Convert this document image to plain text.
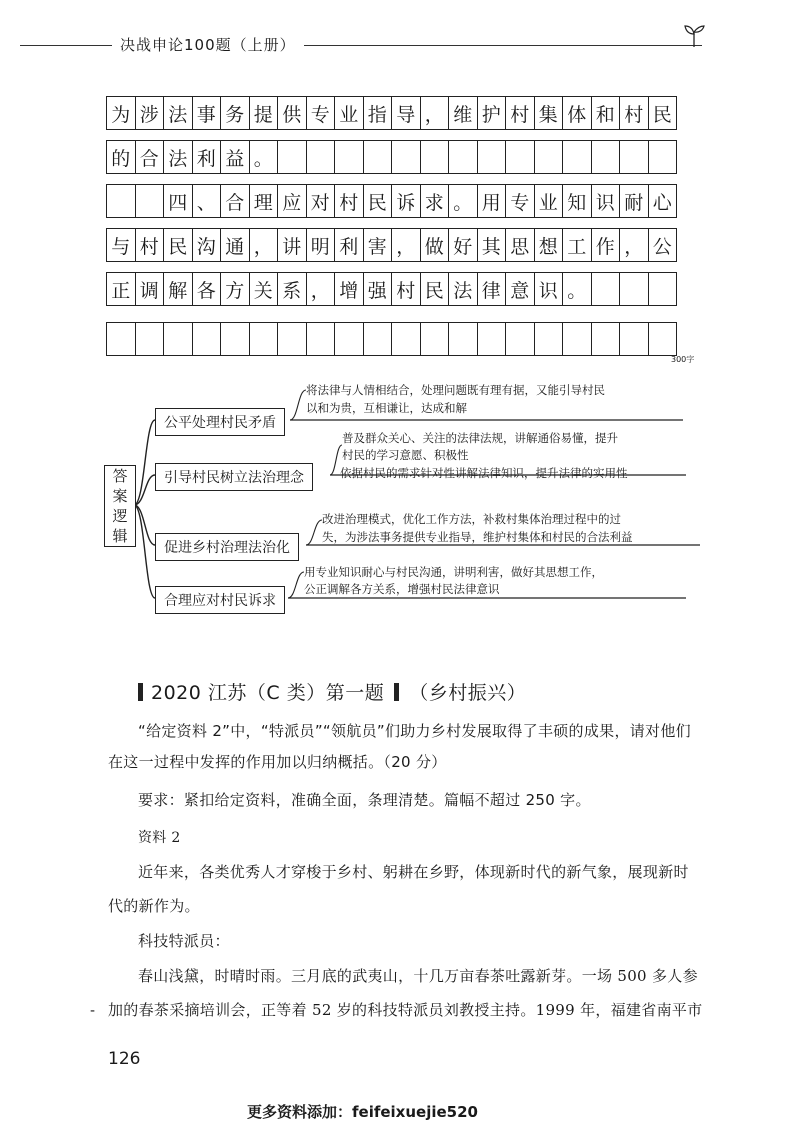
决战申论100题（上册）
为 涉 法 事 务 提 供 专 业 指 导 ， 维 护 村 集 体 和 村 民
的 合 法 利 益 。
四 、 合 理 应 对 村 民 诉 求 。 用 专 业 知 识 耐 心
与 村 民 沟 通 ， 讲 明 利 害 ， 做 好 其 思 想 工 作 ， 公
正 调 解 各 方 关 系 ， 增 强 村 民 法 律 意 识 。
300字
答案逻辑
公平处理村民矛盾
引导村民树立法治理念
促进乡村治理法治化
合理应对村民诉求
将法律与人情相结合，处理问题既有理有据，又能引导村民
以和为贵，互相谦让，达成和解
普及群众关心、关注的法律法规，讲解通俗易懂，提升
村民的学习意愿、积极性
依据村民的需求针对性讲解法律知识，提升法律的实用性
改进治理模式，优化工作方法，补救村集体治理过程中的过
失，为涉法事务提供专业指导，维护村集体和村民的合法利益
用专业知识耐心与村民沟通，讲明利害，做好其思想工作，
公正调解各方关系，增强村民法律意识
2020 江苏（C 类）第一题 （乡村振兴）
“给定资料 2”中，“特派员”“领航员”们助力乡村发展取得了丰硕的成果，请对他们
在这一过程中发挥的作用加以归纳概括。（20 分）
要求：紧扣给定资料，准确全面，条理清楚。篇幅不超过 250 字。
资料 2
近年来，各类优秀人才穿梭于乡村、躬耕在乡野，体现新时代的新气象，展现新时
代的新作为。
科技特派员：
春山浅黛，时晴时雨。三月底的武夷山，十几万亩春茶吐露新芽。一场 500 多人参
- 加的春茶采摘培训会，正等着 52 岁的科技特派员刘教授主持。1999 年，福建省南平市
126
更多资料添加：feifeixuejie520
